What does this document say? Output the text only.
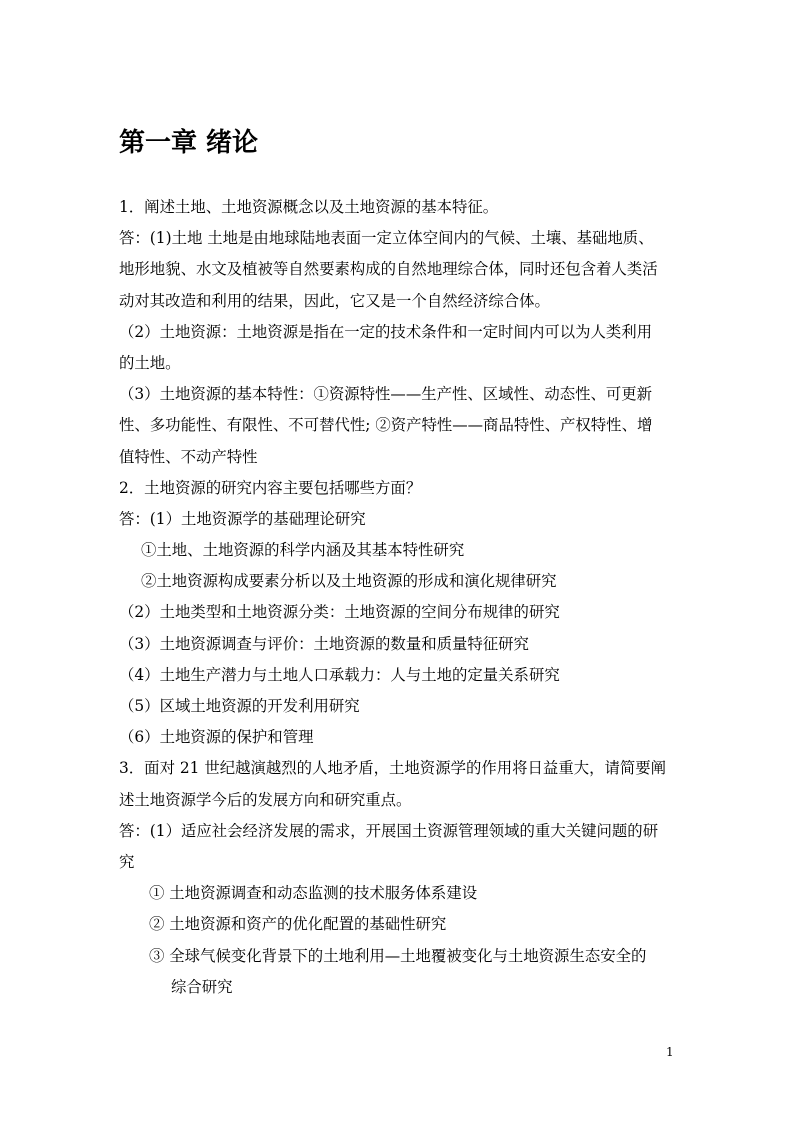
第一章 绪论
1．阐述土地、土地资源概念以及土地资源的基本特征。
答：(1)土地 土地是由地球陆地表面一定立体空间内的气候、土壤、基础地质、
地形地貌、水文及植被等自然要素构成的自然地理综合体，同时还包含着人类活
动对其改造和利用的结果，因此，它又是一个自然经济综合体。
（2）土地资源：土地资源是指在一定的技术条件和一定时间内可以为人类利用
的土地。
（3）土地资源的基本特性：①资源特性——生产性、区域性、动态性、可更新
性、多功能性、有限性、不可替代性; ②资产特性——商品特性、产权特性、增
值特性、不动产特性
2．土地资源的研究内容主要包括哪些方面？
答：(1）土地资源学的基础理论研究
①土地、土地资源的科学内涵及其基本特性研究
②土地资源构成要素分析以及土地资源的形成和演化规律研究
（2）土地类型和土地资源分类：土地资源的空间分布规律的研究
（3）土地资源调查与评价：土地资源的数量和质量特征研究
（4）土地生产潜力与土地人口承载力：人与土地的定量关系研究
（5）区域土地资源的开发利用研究
（6）土地资源的保护和管理
3．面对 21 世纪越演越烈的人地矛盾，土地资源学的作用将日益重大，请简要阐
述土地资源学今后的发展方向和研究重点。
答：(1）适应社会经济发展的需求，开展国土资源管理领域的重大关键问题的研
究
① 土地资源调查和动态监测的技术服务体系建设
② 土地资源和资产的优化配置的基础性研究
③ 全球气候变化背景下的土地利用—土地覆被变化与土地资源生态安全的
综合研究
1
